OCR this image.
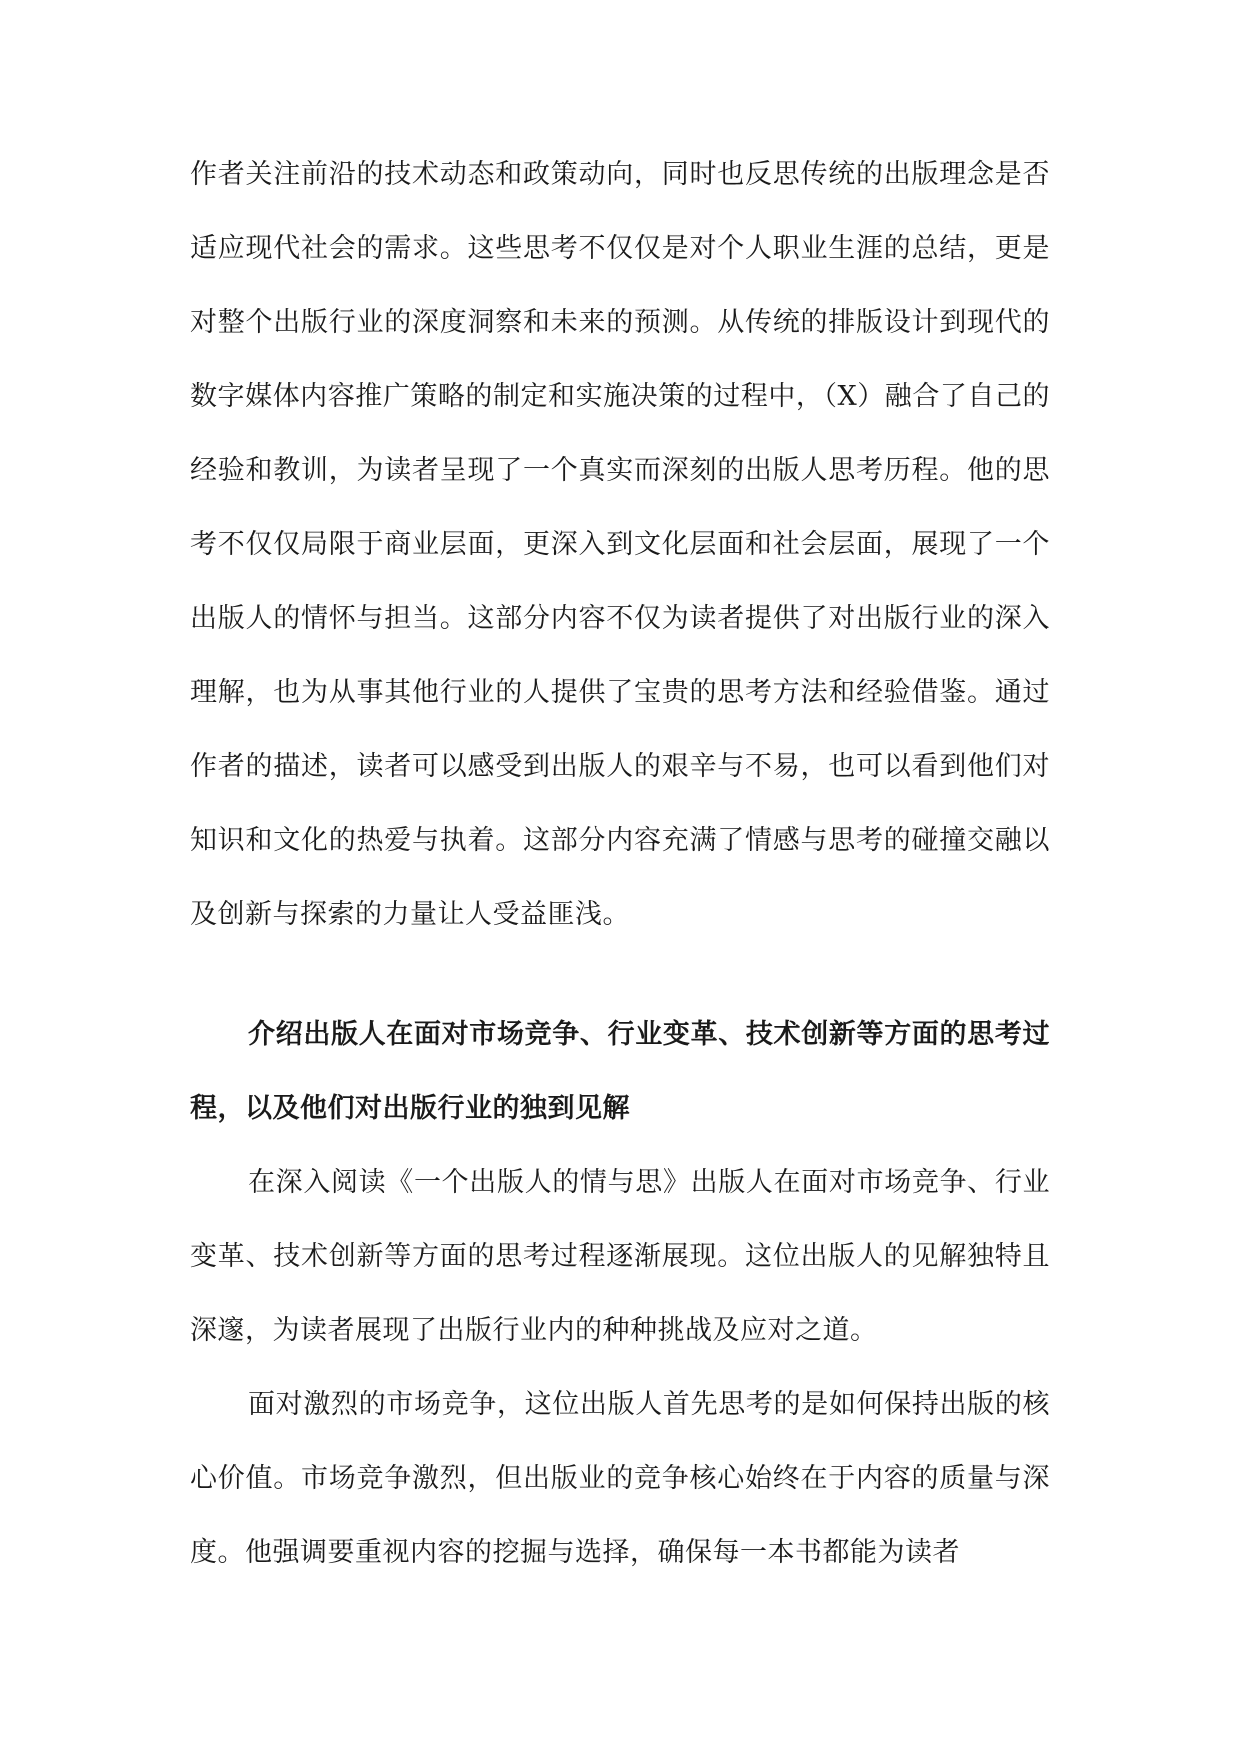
作者关注前沿的技术动态和政策动向，同时也反思传统的出版理念是否适应现代社会的需求。这些思考不仅仅是对个人职业生涯的总结，更是对整个出版行业的深度洞察和未来的预测。从传统的排版设计到现代的数字媒体内容推广策略的制定和实施决策的过程中，（X）融合了自己的经验和教训，为读者呈现了一个真实而深刻的出版人思考历程。他的思考不仅仅局限于商业层面，更深入到文化层面和社会层面，展现了一个出版人的情怀与担当。这部分内容不仅为读者提供了对出版行业的深入理解，也为从事其他行业的人提供了宝贵的思考方法和经验借鉴。通过作者的描述，读者可以感受到出版人的艰辛与不易，也可以看到他们对知识和文化的热爱与执着。这部分内容充满了情感与思考的碰撞交融以及创新与探索的力量让人受益匪浅。

介绍出版人在面对市场竞争、行业变革、技术创新等方面的思考过程，以及他们对出版行业的独到见解

在深入阅读《一个出版人的情与思》出版人在面对市场竞争、行业变革、技术创新等方面的思考过程逐渐展现。这位出版人的见解独特且深邃，为读者展现了出版行业内的种种挑战及应对之道。

面对激烈的市场竞争，这位出版人首先思考的是如何保持出版的核心价值。市场竞争激烈，但出版业的竞争核心始终在于内容的质量与深度。他强调要重视内容的挖掘与选择，确保每一本书都能为读者
